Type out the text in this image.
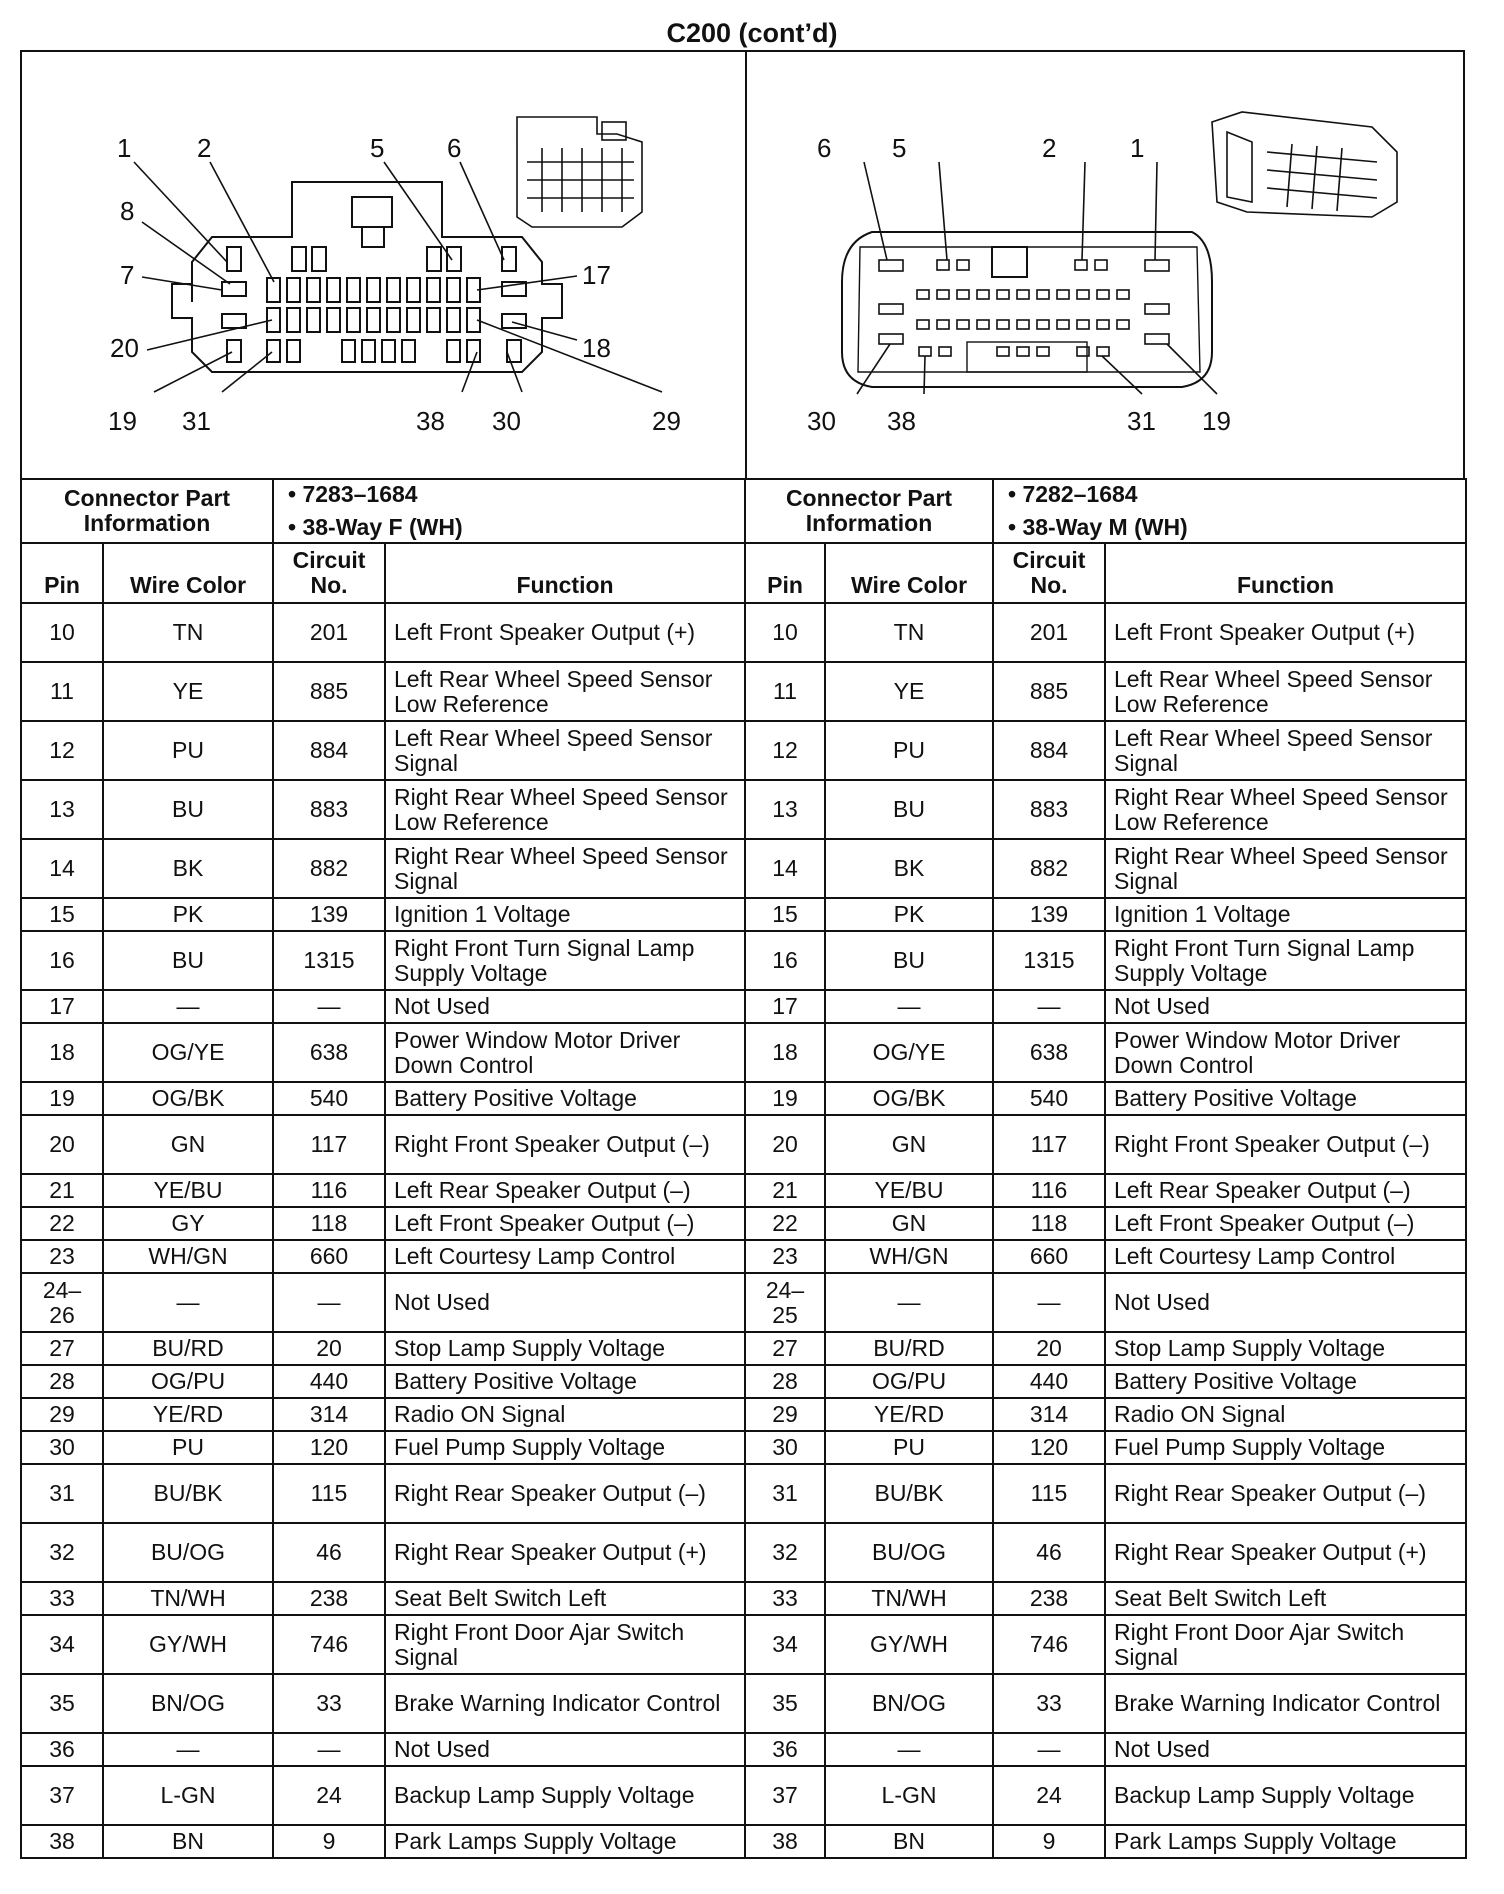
C200 (cont’d)
1	2	5 6
8
7	17
20	18
19 31	38 30	29
6 5	2	1
30 38	31 19
Connector Part Information		• 7283–1684
• 38-Way F (WH)	

Pin	Wire Color	Circuit No.	Function
10	TN	201	Left Front Speaker Output (+)
11	YE	885	Left Rear Wheel Speed Sensor Low Reference
12	PU	884	Left Rear Wheel Speed Sensor Signal
13	BU	883	Right Rear Wheel Speed Sensor Low Reference
14	BK	882	Right Rear Wheel Speed Sensor Signal
15	PK	139	Ignition 1 Voltage
16	BU	1315	Right Front Turn Signal Lamp Supply Voltage
17	—	—	Not Used
18	OG/YE	638	Power Window Motor Driver Down Control
19	OG/BK	540	Battery Positive Voltage
20	GN	117	Right Front Speaker Output (–)
21	YE/BU	116	Left Rear Speaker Output (–)
22	GY	118	Left Front Speaker Output (–)
23	WH/GN	660	Left Courtesy Lamp Control
24– 26	—	—	Not Used
27	BU/RD	20	Stop Lamp Supply Voltage
28	OG/PU	440	Battery Positive Voltage
29	YE/RD	314	Radio ON Signal
30	PU	120	Fuel Pump Supply Voltage
31	BU/BK	115	Right Rear Speaker Output (–)
32	BU/OG	46	Right Rear Speaker Output (+)
33	TN/WH	238	Seat Belt Switch Left
34	GY/WH	746	Right Front Door Ajar Switch Signal
35	BN/OG	33	Brake Warning Indicator Control
36	—	—	Not Used
37	L-GN	24	Backup Lamp Supply Voltage
38	BN	9	Park Lamps Supply Voltage
Connector Part Information		• 7282–1684
• 38-Way M (WH)	

Pin	Wire Color	Circuit No.	Function
10	TN	201	Left Front Speaker Output (+)
11	YE	885	Left Rear Wheel Speed Sensor Low Reference
12	PU	884	Left Rear Wheel Speed Sensor Signal
13	BU	883	Right Rear Wheel Speed Sensor Low Reference
14	BK	882	Right Rear Wheel Speed Sensor Signal
15	PK	139	Ignition 1 Voltage
16	BU	1315	Right Front Turn Signal Lamp Supply Voltage
17	—	—	Not Used
18	OG/YE	638	Power Window Motor Driver Down Control
19	OG/BK	540	Battery Positive Voltage
20	GN	117	Right Front Speaker Output (–)
21	YE/BU	116	Left Rear Speaker Output (–)
22	GN	118	Left Front Speaker Output (–)
23	WH/GN	660	Left Courtesy Lamp Control
24– 25	—	—	Not Used
27	BU/RD	20	Stop Lamp Supply Voltage
28	OG/PU	440	Battery Positive Voltage
29	YE/RD	314	Radio ON Signal
30	PU	120	Fuel Pump Supply Voltage
31	BU/BK	115	Right Rear Speaker Output (–)
32	BU/OG	46	Right Rear Speaker Output (+)
33	TN/WH	238	Seat Belt Switch Left
34	GY/WH	746	Right Front Door Ajar Switch Signal
35	BN/OG	33	Brake Warning Indicator Control
36	—	—	Not Used
37	L-GN	24	Backup Lamp Supply Voltage
38	BN	9	Park Lamps Supply Voltage
